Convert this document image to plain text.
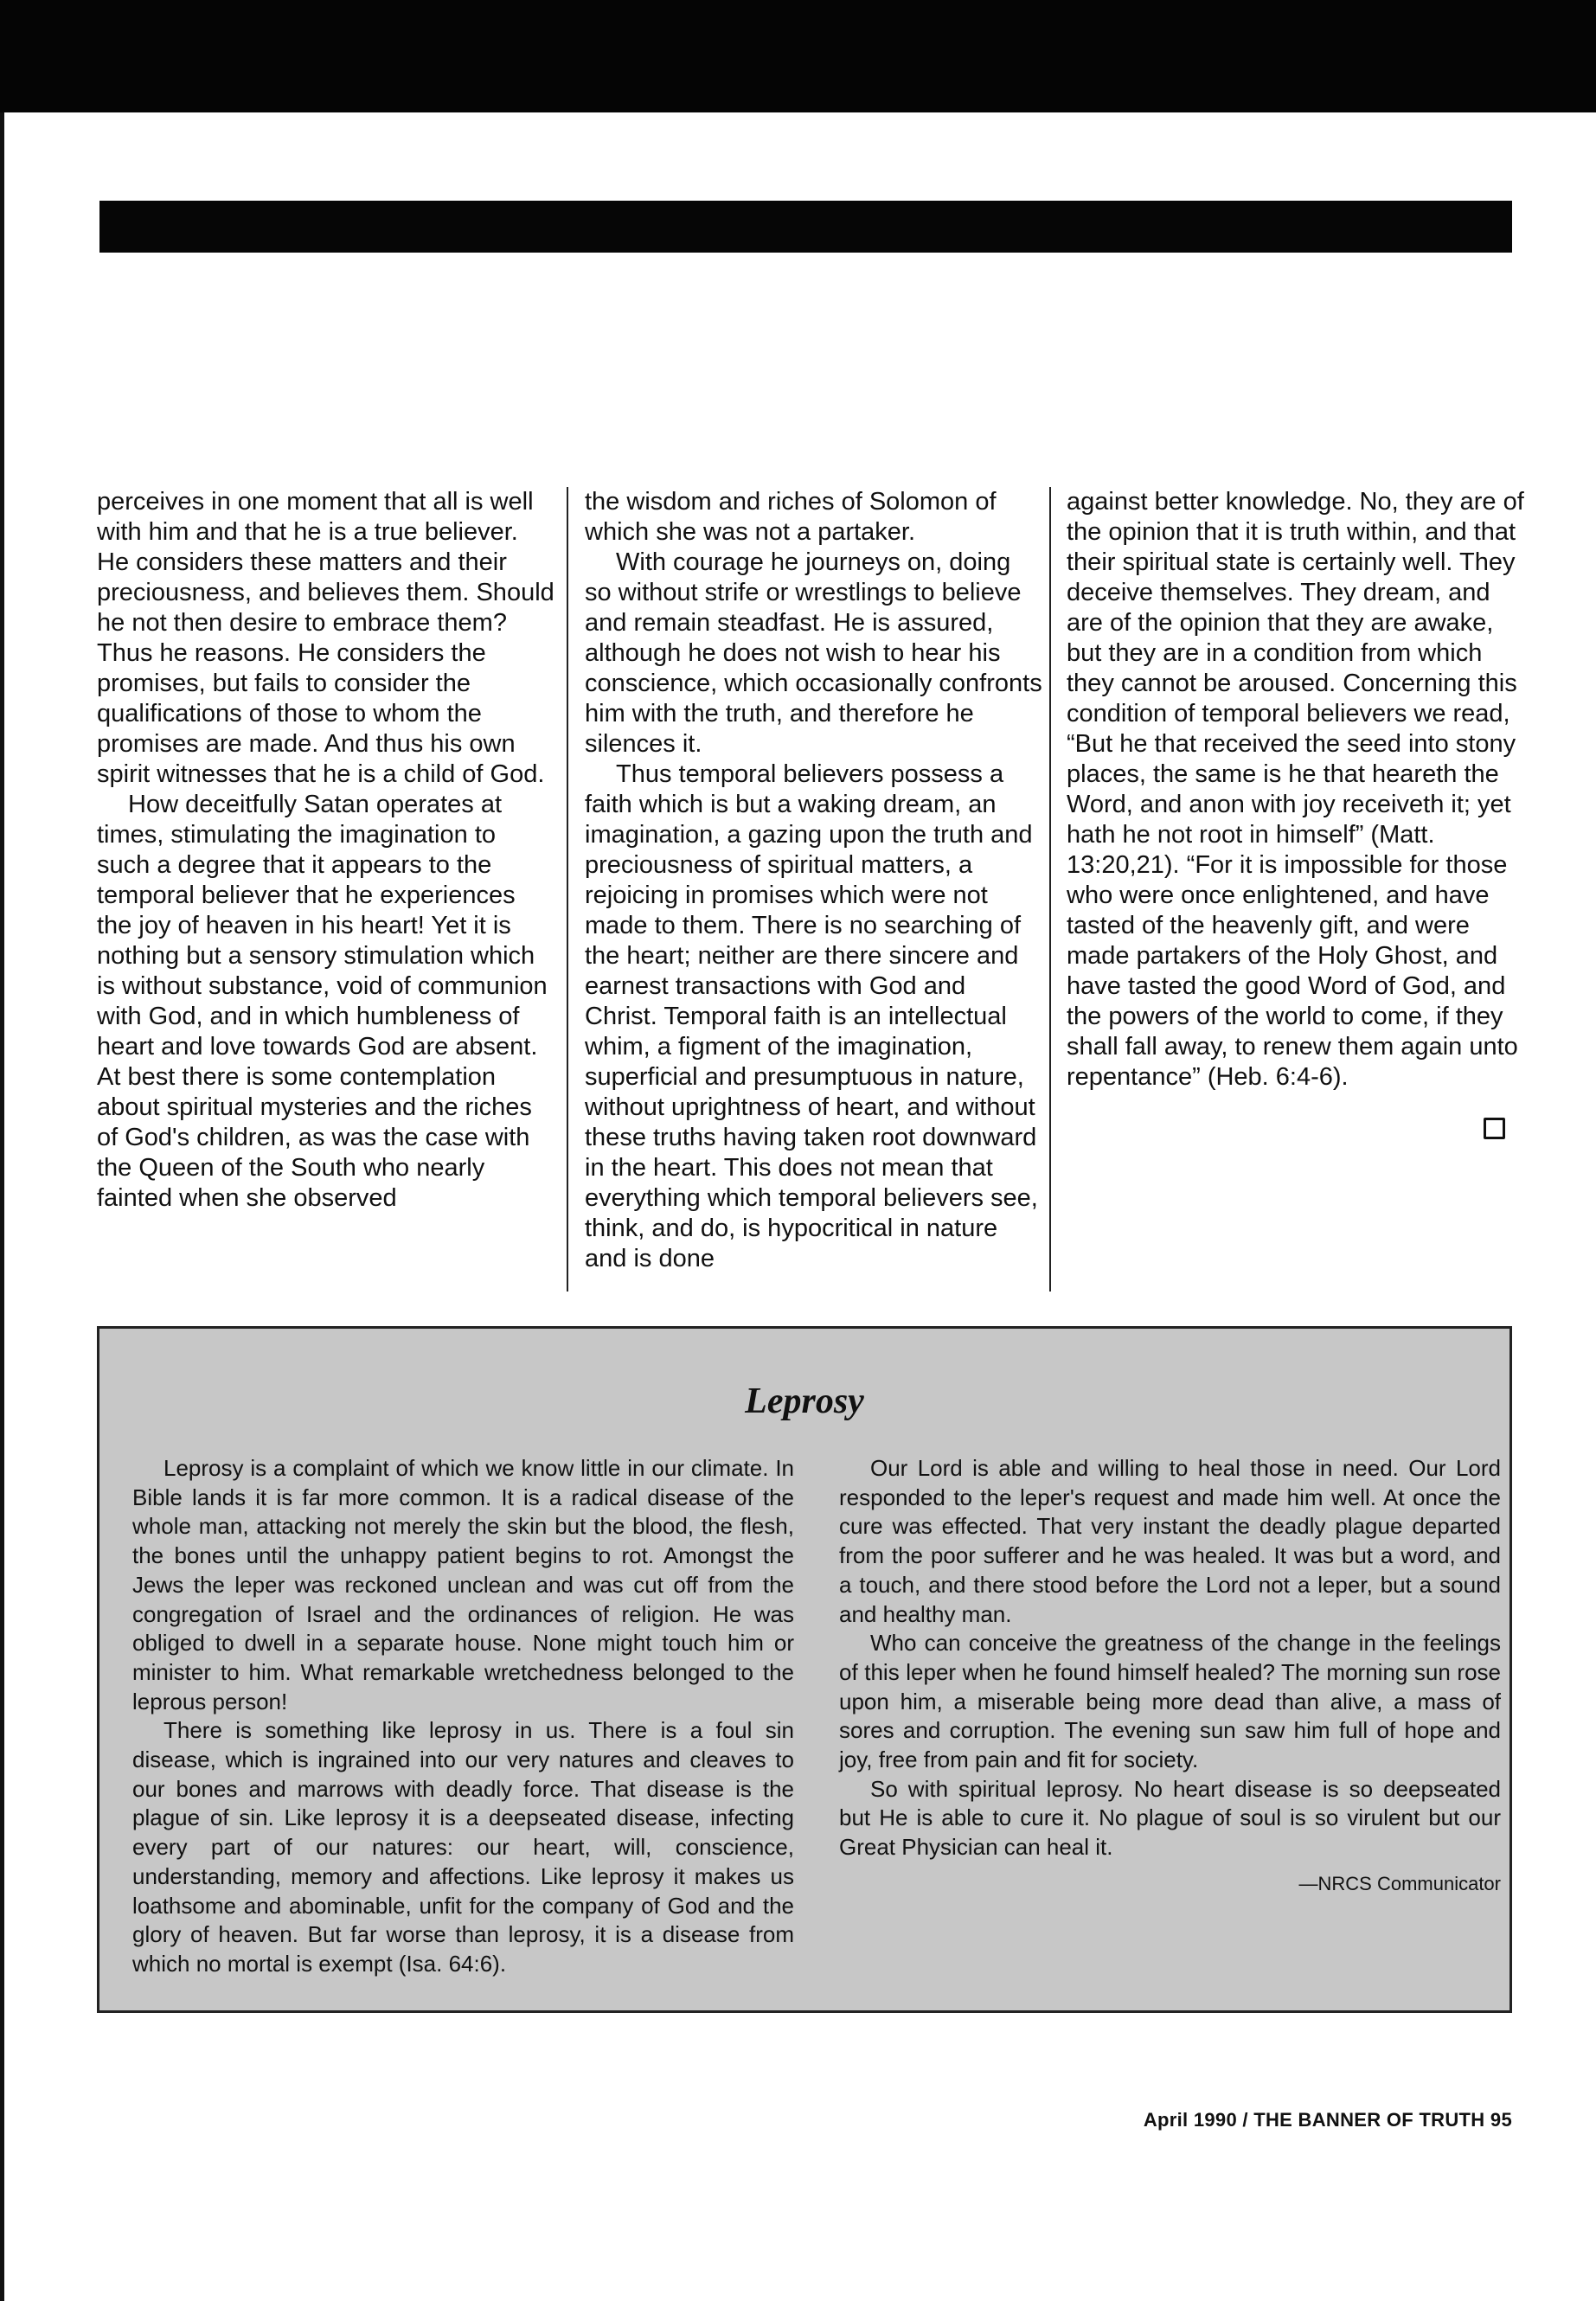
perceives in one moment that all is well with him and that he is a true believer. He considers these matters and their preciousness, and believes them. Should he not then desire to embrace them? Thus he reasons. He considers the promises, but fails to consider the qualifications of those to whom the promises are made. And thus his own spirit witnesses that he is a child of God.

How deceitfully Satan operates at times, stimulating the imagination to such a degree that it appears to the temporal believer that he experiences the joy of heaven in his heart! Yet it is nothing but a sensory stimulation which is without substance, void of communion with God, and in which humbleness of heart and love towards God are absent. At best there is some contemplation about spiritual mysteries and the riches of God's children, as was the case with the Queen of the South who nearly fainted when she observed

the wisdom and riches of Solomon of which she was not a partaker.

With courage he journeys on, doing so without strife or wrestlings to believe and remain steadfast. He is assured, although he does not wish to hear his conscience, which occasionally confronts him with the truth, and therefore he silences it.

Thus temporal believers possess a faith which is but a waking dream, an imagination, a gazing upon the truth and preciousness of spiritual matters, a rejoicing in promises which were not made to them. There is no searching of the heart; neither are there sincere and earnest transactions with God and Christ. Temporal faith is an intellectual whim, a figment of the imagination, superficial and presumptuous in nature, without uprightness of heart, and without these truths having taken root downward in the heart. This does not mean that everything which temporal believers see, think, and do, is hypocritical in nature and is done

against better knowledge. No, they are of the opinion that it is truth within, and that their spiritual state is certainly well. They deceive themselves. They dream, and are of the opinion that they are awake, but they are in a condition from which they cannot be aroused. Concerning this condition of temporal believers we read, “But he that received the seed into stony places, the same is he that heareth the Word, and anon with joy receiveth it; yet hath he not root in himself” (Matt. 13:20,21). “For it is impossible for those who were once enlightened, and have tasted of the heavenly gift, and were made partakers of the Holy Ghost, and have tasted the good Word of God, and the powers of the world to come, if they shall fall away, to renew them again unto repentance” (Heb. 6:4-6).

Leprosy

Leprosy is a complaint of which we know little in our climate. In Bible lands it is far more common. It is a radical disease of the whole man, attacking not merely the skin but the blood, the flesh, the bones until the unhappy patient begins to rot. Amongst the Jews the leper was reckoned unclean and was cut off from the congregation of Israel and the ordinances of religion. He was obliged to dwell in a separate house. None might touch him or minister to him. What remarkable wretchedness belonged to the leprous person!

There is something like leprosy in us. There is a foul sin disease, which is ingrained into our very natures and cleaves to our bones and marrows with deadly force. That disease is the plague of sin. Like leprosy it is a deepseated disease, infecting every part of our natures: our heart, will, conscience, understanding, memory and affections. Like leprosy it makes us loathsome and abominable, unfit for the company of God and the glory of heaven. But far worse than leprosy, it is a disease from which no mortal is exempt (Isa. 64:6).

Our Lord is able and willing to heal those in need. Our Lord responded to the leper's request and made him well. At once the cure was effected. That very instant the deadly plague departed from the poor sufferer and he was healed. It was but a word, and a touch, and there stood before the Lord not a leper, but a sound and healthy man.

Who can conceive the greatness of the change in the feelings of this leper when he found himself healed? The morning sun rose upon him, a miserable being more dead than alive, a mass of sores and corruption. The evening sun saw him full of hope and joy, free from pain and fit for society.

So with spiritual leprosy. No heart disease is so deepseated but He is able to cure it. No plague of soul is so virulent but our Great Physician can heal it.

—NRCS Communicator

April 1990 / THE BANNER OF TRUTH 95
